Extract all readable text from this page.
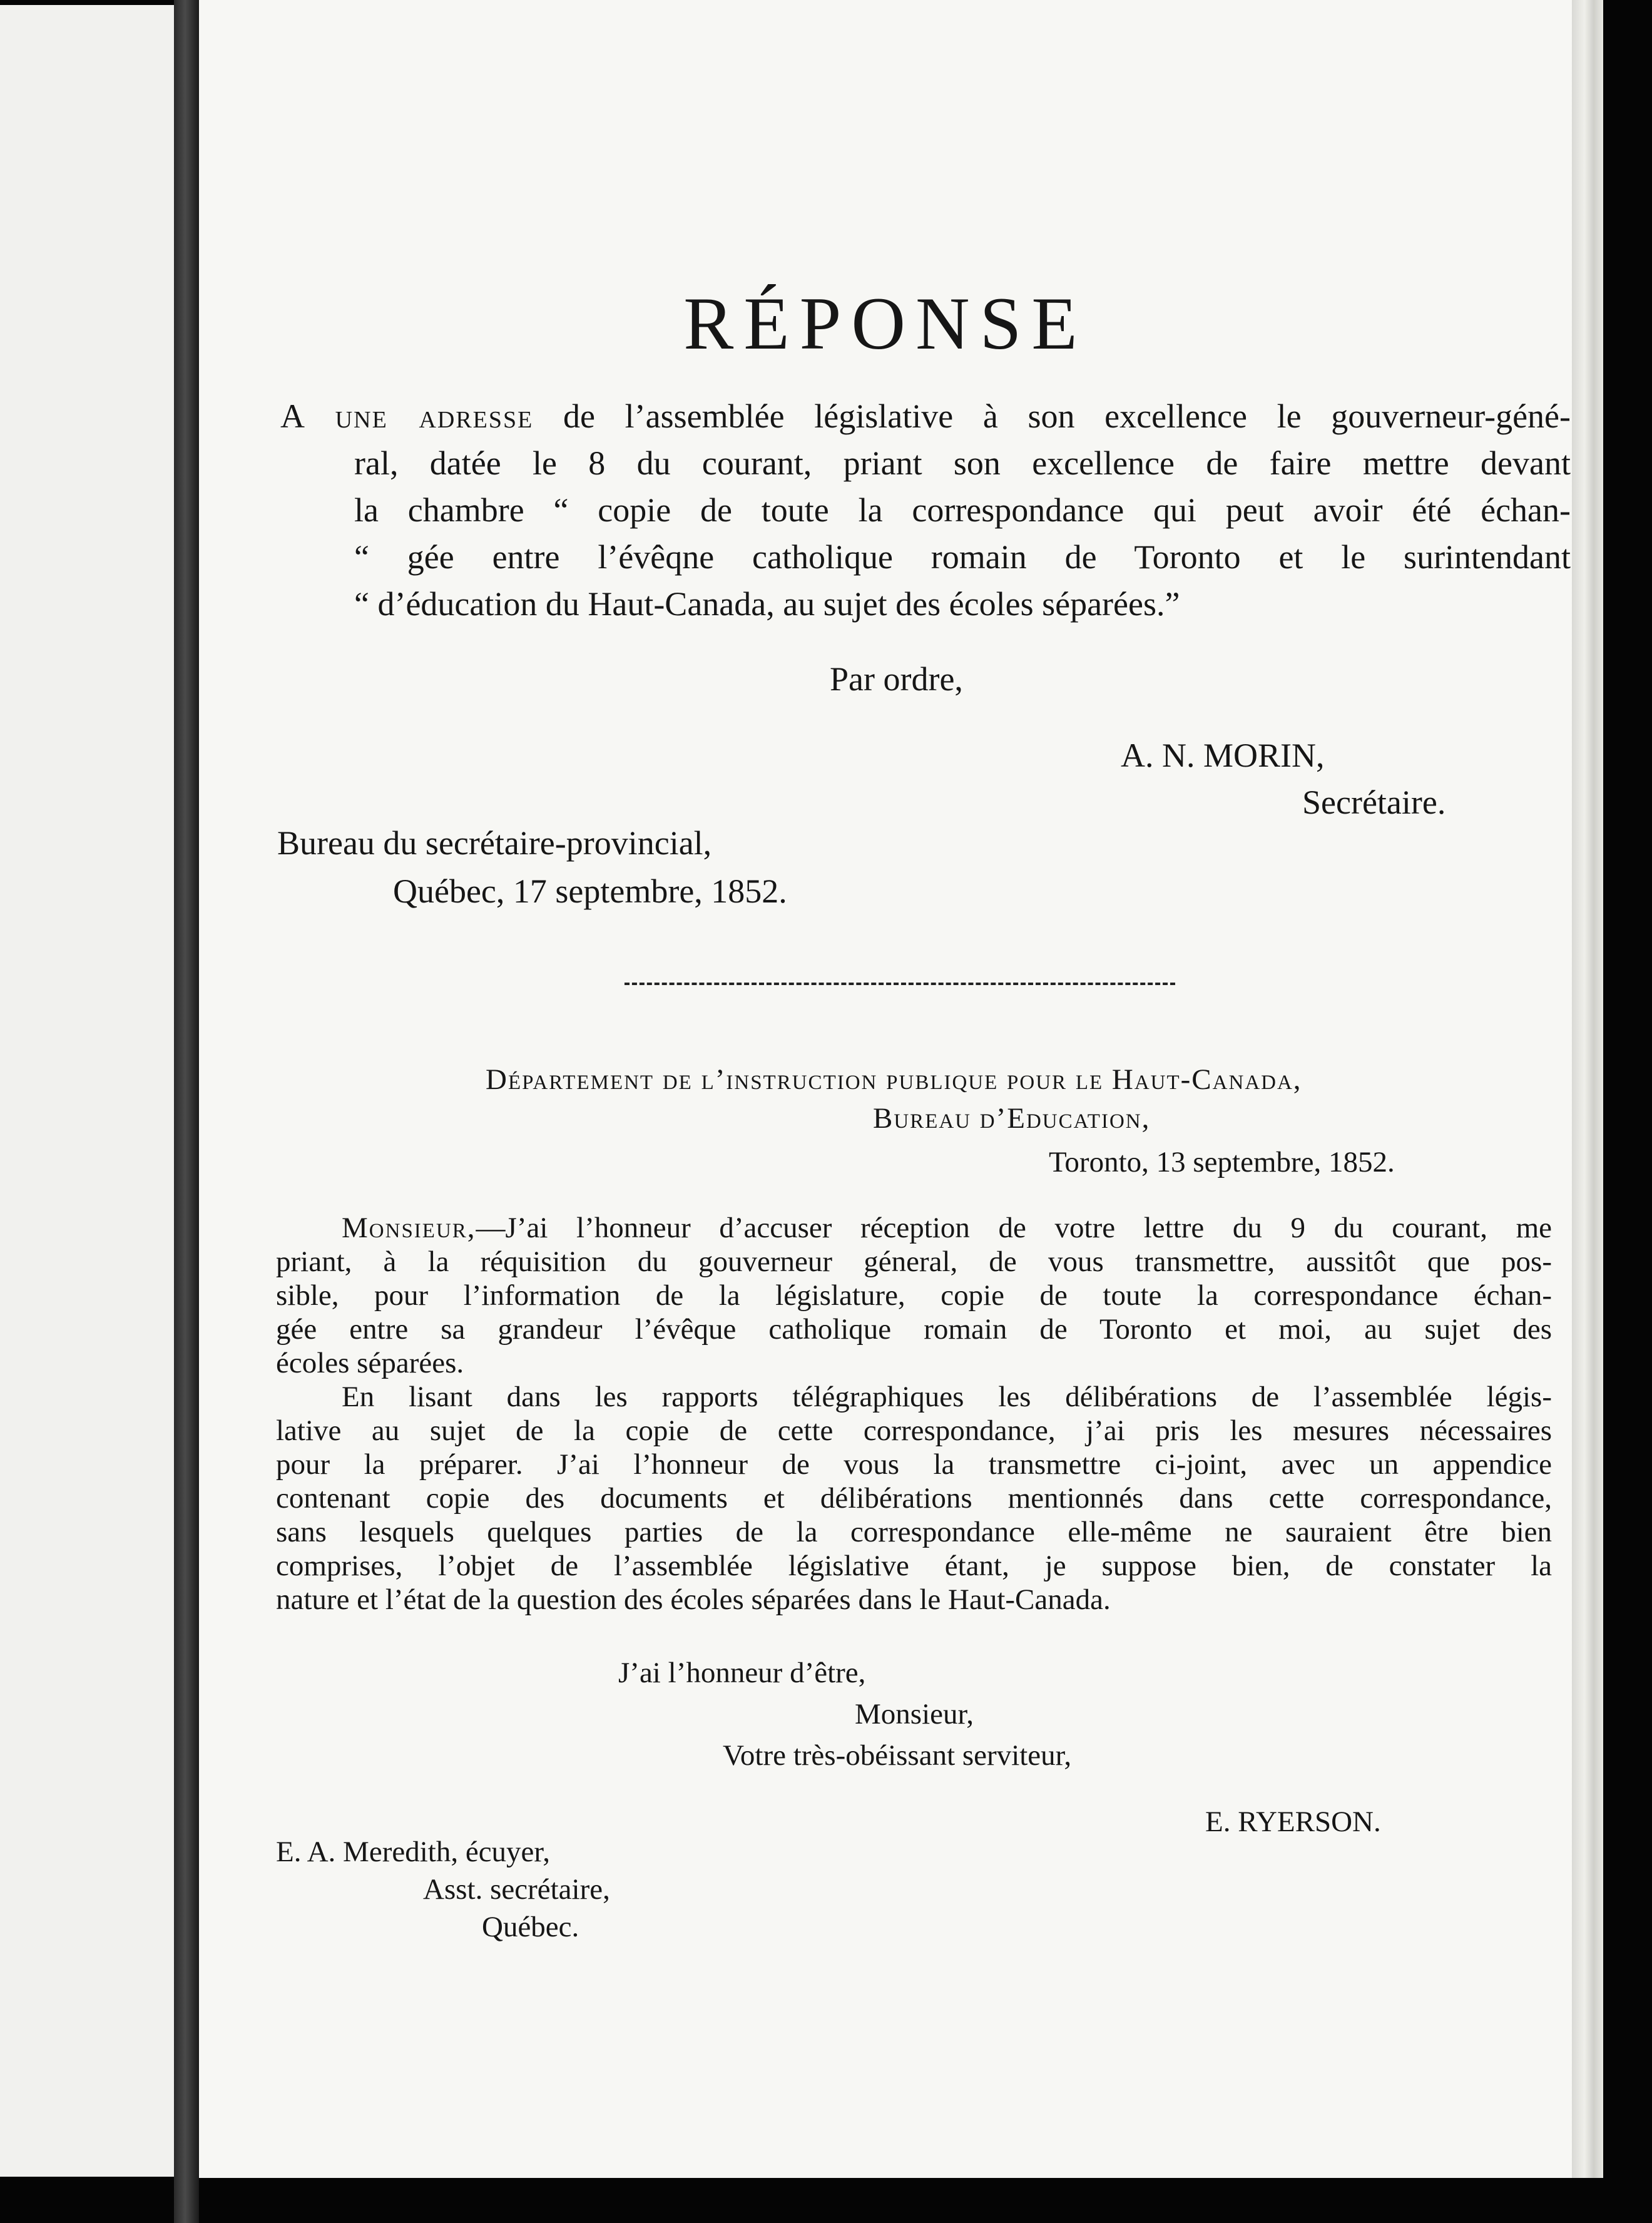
RÉPONSE
A une adresse de l’assemblée législative à son excellence le gouverneur-géné-
ral, datée le 8 du courant, priant son excellence de faire mettre devant
la chambre “ copie de toute la correspondance qui peut avoir été échan-
“ gée entre l’évêqne catholique romain de Toronto et le surintendant
“ d’éducation du Haut-Canada, au sujet des écoles séparées.”
Par ordre,
A. N. MORIN,
Secrétaire.
Bureau du secrétaire-provincial,
Québec, 17 septembre, 1852.
Département de l’instruction publique pour le Haut-Canada,
Bureau d’Education,
Toronto, 13 septembre, 1852.
Monsieur,—J’ai l’honneur d’accuser réception de votre lettre du 9 du courant, me
priant, à la réquisition du gouverneur géneral, de vous transmettre, aussitôt que pos-
sible, pour l’information de la législature, copie de toute la correspondance échan-
gée entre sa grandeur l’évêque catholique romain de Toronto et moi, au sujet des
écoles séparées.
En lisant dans les rapports télégraphiques les délibérations de l’assemblée légis-
lative au sujet de la copie de cette correspondance, j’ai pris les mesures nécessaires
pour la préparer. J’ai l’honneur de vous la transmettre ci-joint, avec un appendice
contenant copie des documents et délibérations mentionnés dans cette correspondance,
sans lesquels quelques parties de la correspondance elle-même ne sauraient être bien
comprises, l’objet de l’assemblée législative étant, je suppose bien, de constater la
nature et l’état de la question des écoles séparées dans le Haut-Canada.
J’ai l’honneur d’être,
Monsieur,
Votre très-obéissant serviteur,
E. RYERSON.
E. A. Meredith, écuyer,
Asst. secrétaire,
Québec.
